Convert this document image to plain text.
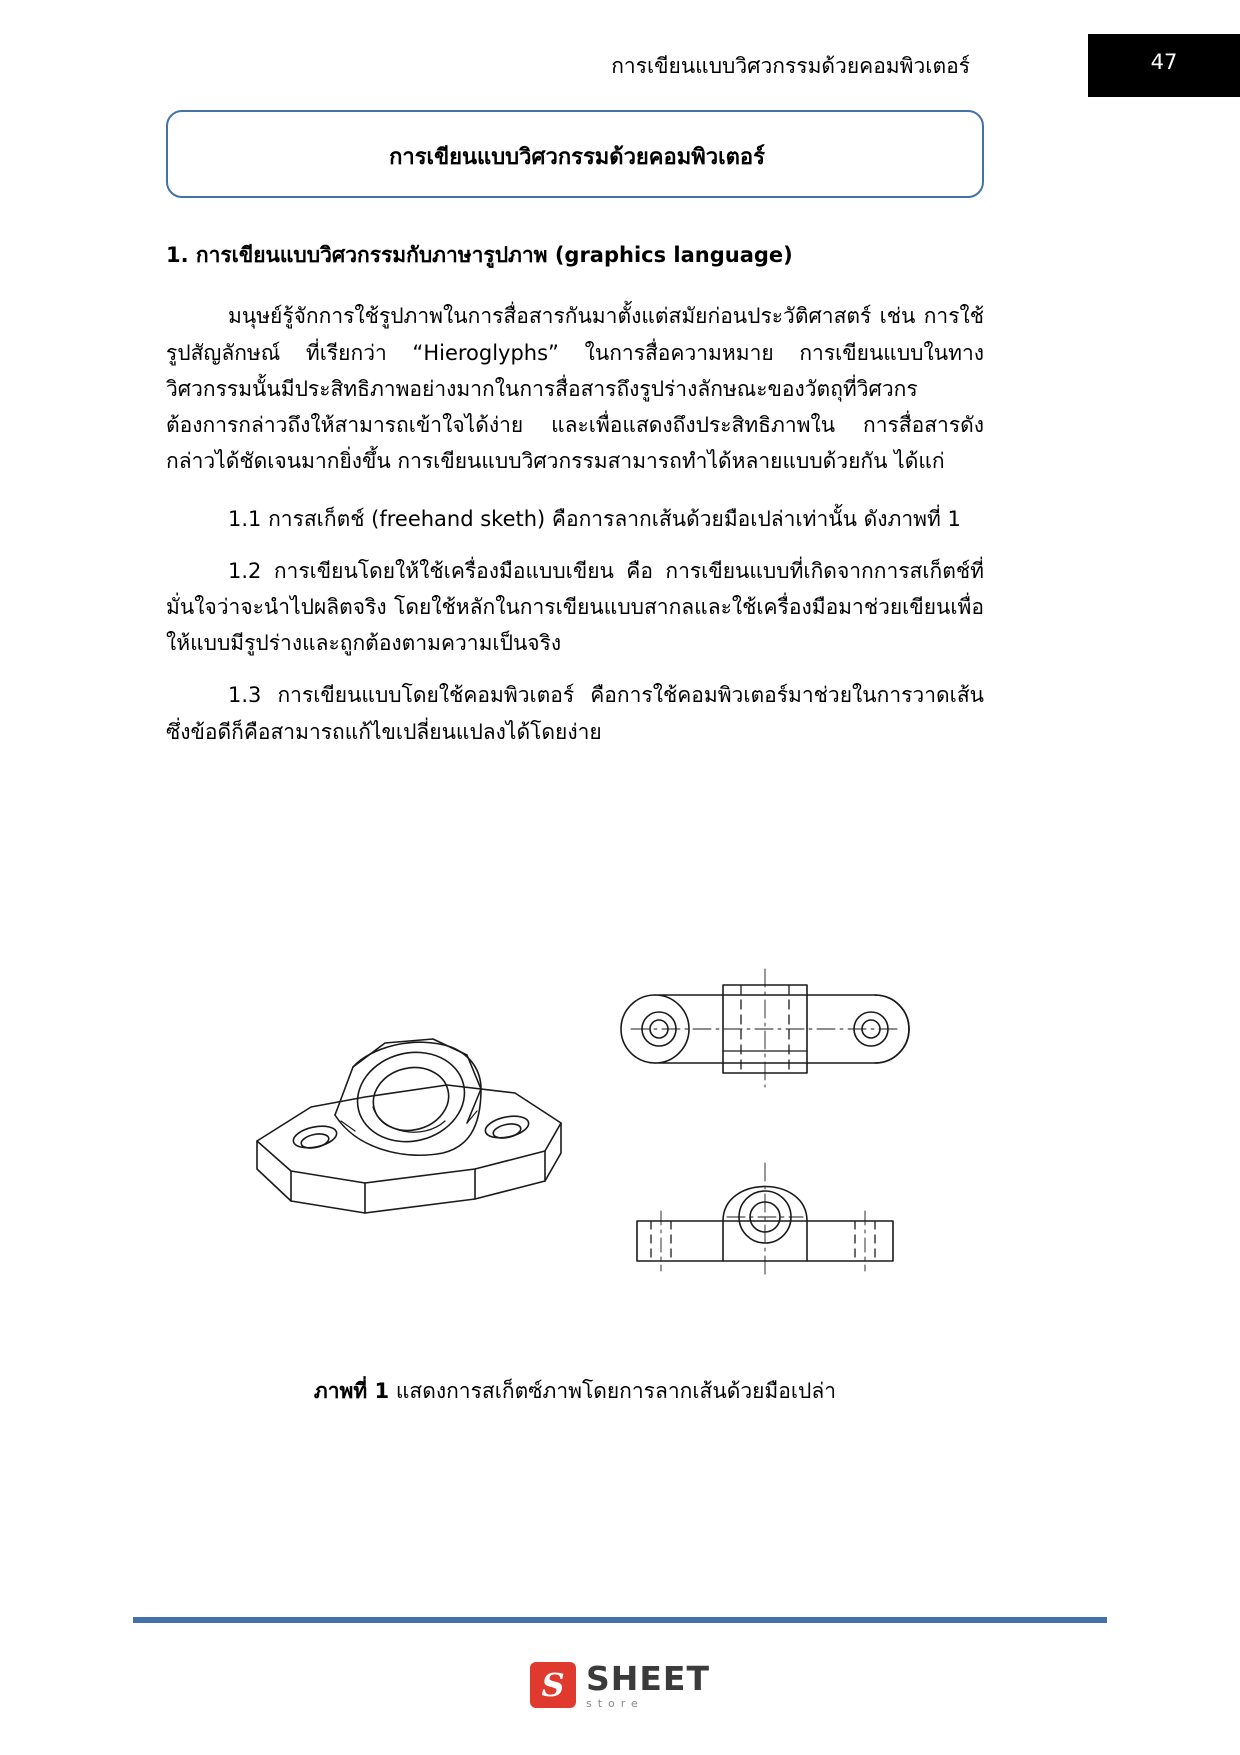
การเขียนแบบวิศวกรรมด้วยคอมพิวเตอร์	47
การเขียนแบบวิศวกรรมด้วยคอมพิวเตอร์
1. การเขียนแบบวิศวกรรมกับภาษารูปภาพ (graphics language)

มนุษย์รู้จักการใช้รูปภาพในการสื่อสารกันมาตั้งแต่สมัยก่อนประวัติศาสตร์ เช่น การใช้รูปสัญลักษณ์ ที่เรียกว่า “Hieroglyphs” ในการสื่อความหมาย การเขียนแบบในทางวิศวกรรมนั้นมีประสิทธิภาพอย่างมากในการสื่อสารถึงรูปร่างลักษณะของวัตถุที่วิศวกรต้องการกล่าวถึงให้สามารถเข้าใจได้ง่าย และเพื่อแสดงถึงประสิทธิภาพใน การสื่อสารดังกล่าวได้ชัดเจนมากยิ่งขึ้น การเขียนแบบวิศวกรรมสามารถทำได้หลายแบบด้วยกัน ได้แก่

1.1 การสเก็ตช์ (freehand sketh) คือการลากเส้นด้วยมือเปล่าเท่านั้น ดังภาพที่ 1

1.2 การเขียนโดยให้ใช้เครื่องมือแบบเขียน คือ การเขียนแบบที่เกิดจากการสเก็ตช์ที่มั่นใจว่าจะนำไปผลิตจริง โดยใช้หลักในการเขียนแบบสากลและใช้เครื่องมือมาช่วยเขียนเพื่อให้แบบมีรูปร่างและถูกต้องตามความเป็นจริง

1.3 การเขียนแบบโดยใช้คอมพิวเตอร์ คือการใช้คอมพิวเตอร์มาช่วยในการวาดเส้น ซึ่งข้อดีก็คือสามารถแก้ไขเปลี่ยนแปลงได้โดยง่าย

ภาพที่ 1 แสดงการสเก็ตซ์ภาพโดยการลากเส้นด้วยมือเปล่า
S SHEET
store
